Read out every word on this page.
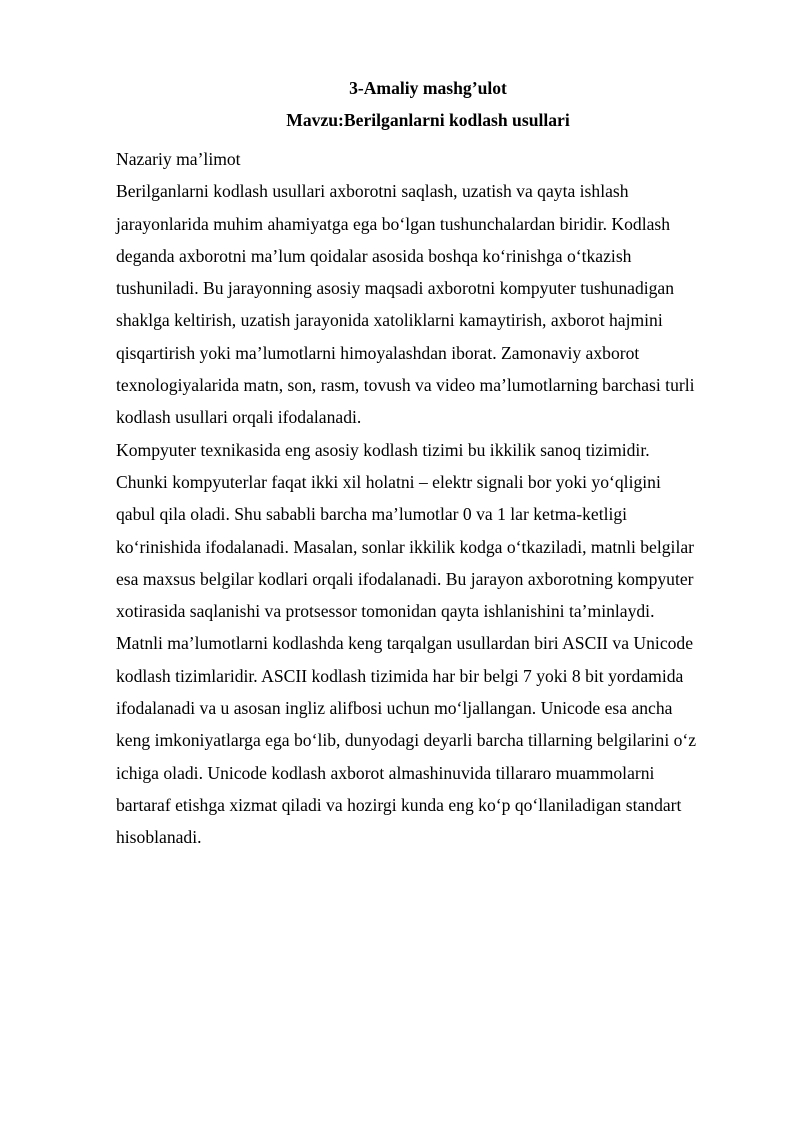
3-Amaliy mashg’ulot
Mavzu:Berilganlarni kodlash usullari
Nazariy ma’limot
Berilganlarni kodlash usullari axborotni saqlash, uzatish va qayta ishlash
jarayonlarida muhim ahamiyatga ega bo‘lgan tushunchalardan biridir. Kodlash
deganda axborotni ma’lum qoidalar asosida boshqa ko‘rinishga o‘tkazish
tushuniladi. Bu jarayonning asosiy maqsadi axborotni kompyuter tushunadigan
shaklga keltirish, uzatish jarayonida xatoliklarni kamaytirish, axborot hajmini
qisqartirish yoki ma’lumotlarni himoyalashdan iborat. Zamonaviy axborot
texnologiyalarida matn, son, rasm, tovush va video ma’lumotlarning barchasi turli
kodlash usullari orqali ifodalanadi.
Kompyuter texnikasida eng asosiy kodlash tizimi bu ikkilik sanoq tizimidir.
Chunki kompyuterlar faqat ikki xil holatni – elektr signali bor yoki yo‘qligini
qabul qila oladi. Shu sababli barcha ma’lumotlar 0 va 1 lar ketma-ketligi
ko‘rinishida ifodalanadi. Masalan, sonlar ikkilik kodga o‘tkaziladi, matnli belgilar
esa maxsus belgilar kodlari orqali ifodalanadi. Bu jarayon axborotning kompyuter
xotirasida saqlanishi va protsessor tomonidan qayta ishlanishini ta’minlaydi.
Matnli ma’lumotlarni kodlashda keng tarqalgan usullardan biri ASCII va Unicode
kodlash tizimlaridir. ASCII kodlash tizimida har bir belgi 7 yoki 8 bit yordamida
ifodalanadi va u asosan ingliz alifbosi uchun mo‘ljallangan. Unicode esa ancha
keng imkoniyatlarga ega bo‘lib, dunyodagi deyarli barcha tillarning belgilarini o‘z
ichiga oladi. Unicode kodlash axborot almashinuvida tillararo muammolarni
bartaraf etishga xizmat qiladi va hozirgi kunda eng ko‘p qo‘llaniladigan standart
hisoblanadi.
